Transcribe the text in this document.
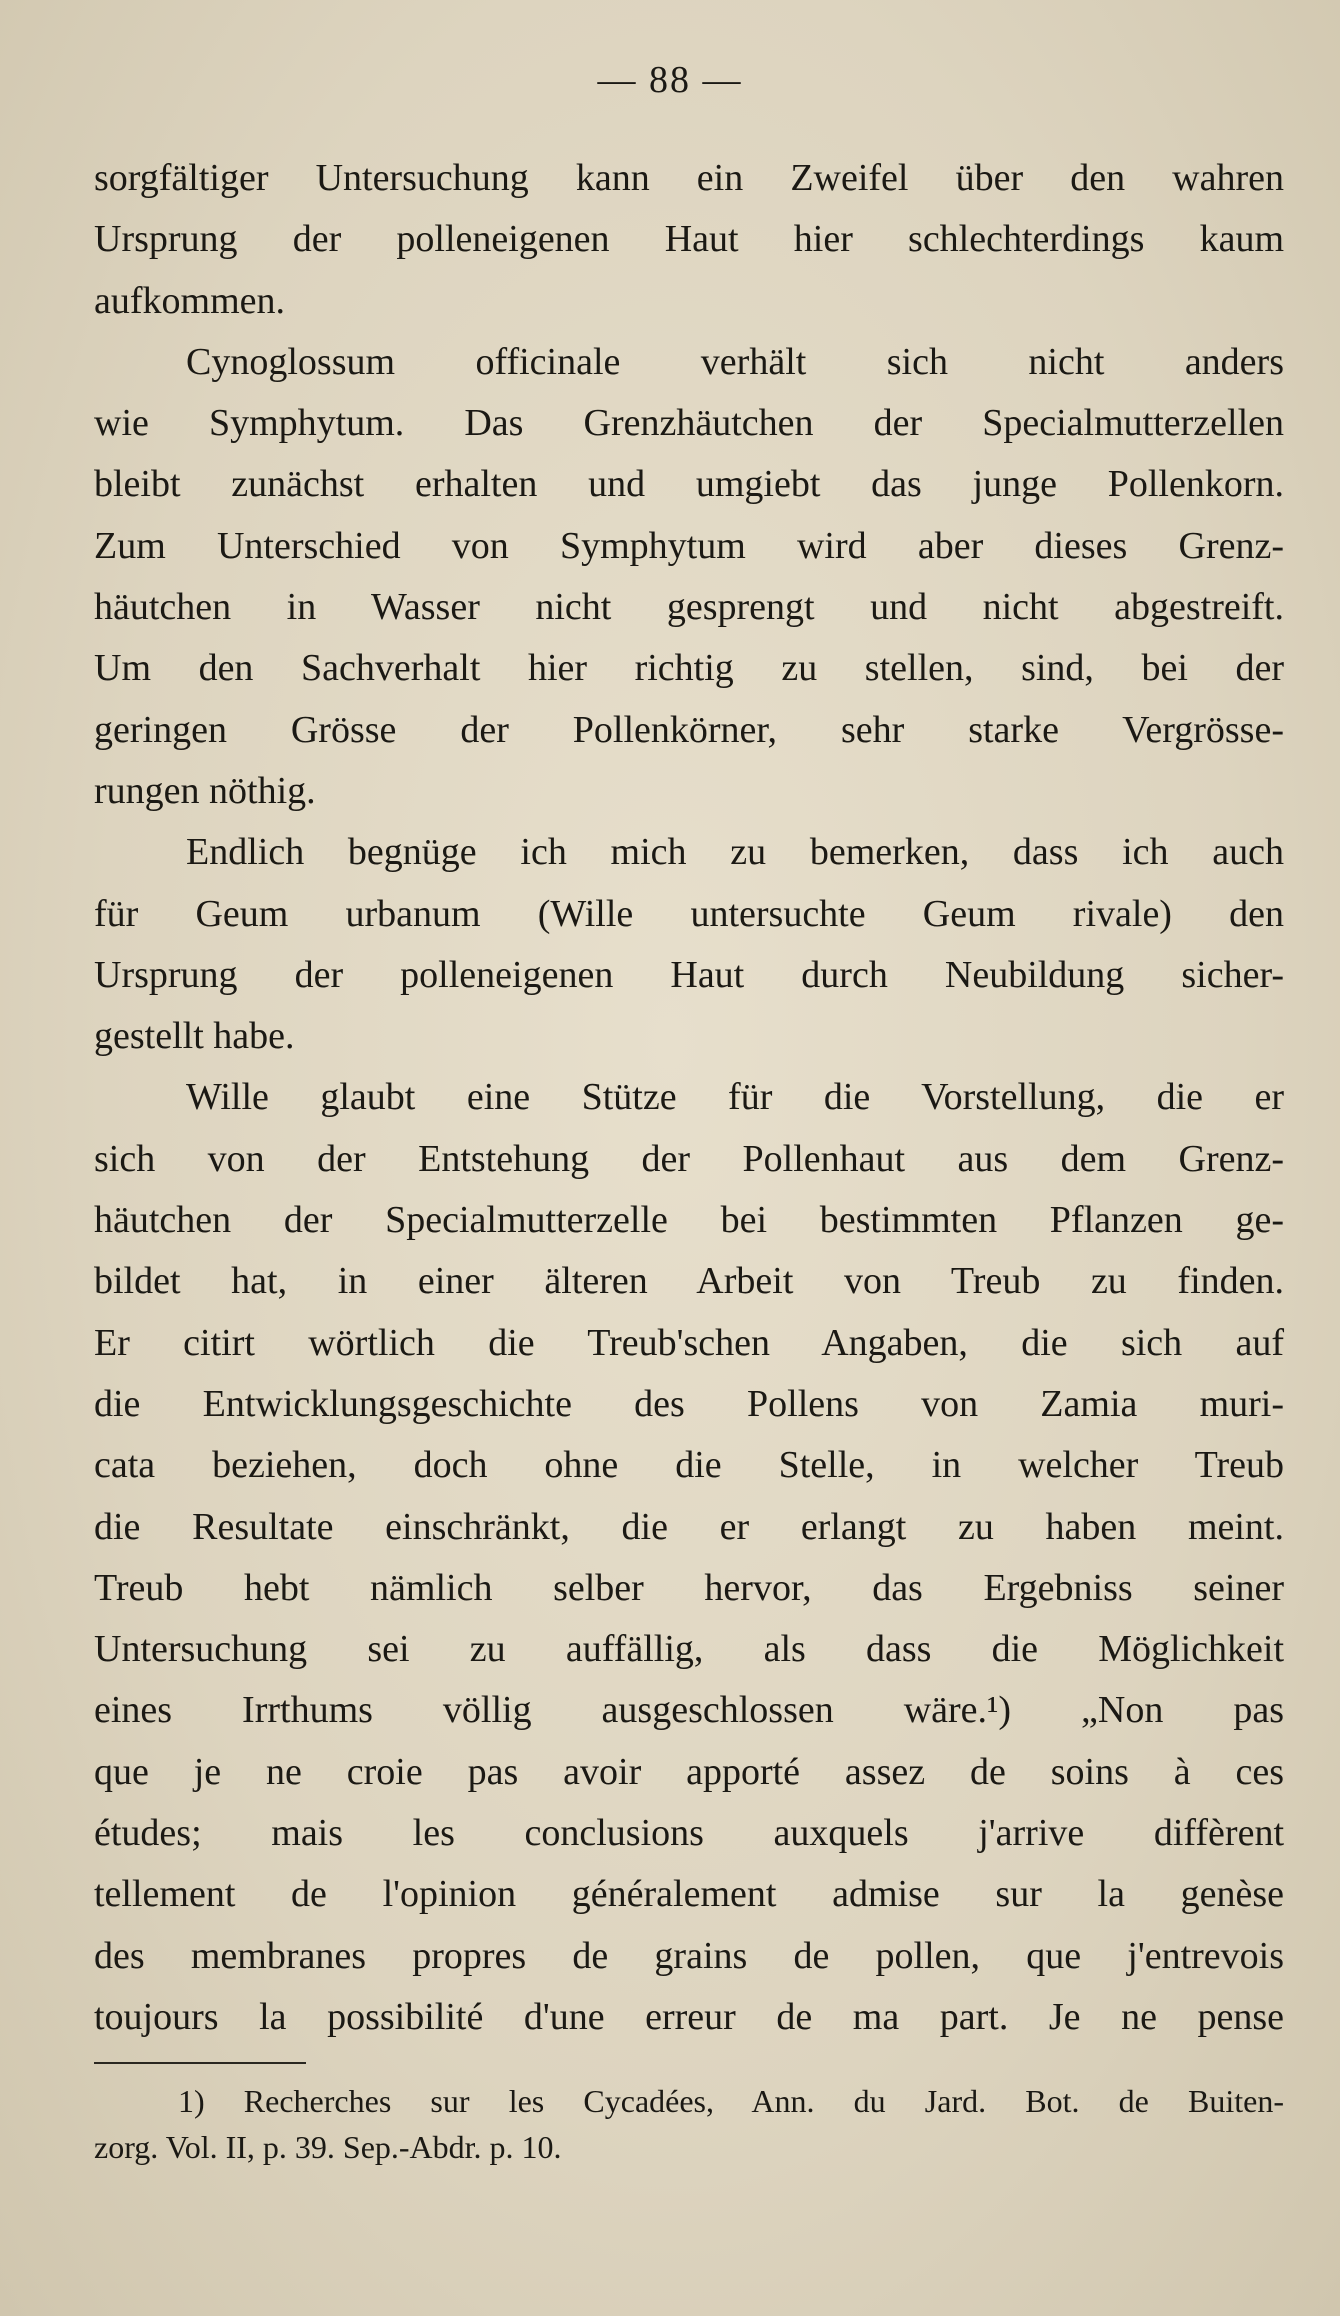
— 88 —
sorgfältiger Untersuchung kann ein Zweifel über den wahren
Ursprung der polleneigenen Haut hier schlechterdings kaum
aufkommen.
Cynoglossum officinale verhält sich nicht anders
wie Symphytum. Das Grenzhäutchen der Specialmutterzellen
bleibt zunächst erhalten und umgiebt das junge Pollenkorn.
Zum Unterschied von Symphytum wird aber dieses Grenz-
häutchen in Wasser nicht gesprengt und nicht abgestreift.
Um den Sachverhalt hier richtig zu stellen, sind, bei der
geringen Grösse der Pollenkörner, sehr starke Vergrösse-
rungen nöthig.
Endlich begnüge ich mich zu bemerken, dass ich auch
für Geum urbanum (Wille untersuchte Geum rivale) den
Ursprung der polleneigenen Haut durch Neubildung sicher-
gestellt habe.
Wille glaubt eine Stütze für die Vorstellung, die er
sich von der Entstehung der Pollenhaut aus dem Grenz-
häutchen der Specialmutterzelle bei bestimmten Pflanzen ge-
bildet hat, in einer älteren Arbeit von Treub zu finden.
Er citirt wörtlich die Treub'schen Angaben, die sich auf
die Entwicklungsgeschichte des Pollens von Zamia muri-
cata beziehen, doch ohne die Stelle, in welcher Treub
die Resultate einschränkt, die er erlangt zu haben meint.
Treub hebt nämlich selber hervor, das Ergebniss seiner
Untersuchung sei zu auffällig, als dass die Möglichkeit
eines Irrthums völlig ausgeschlossen wäre.¹) „Non pas
que je ne croie pas avoir apporté assez de soins à ces
études; mais les conclusions auxquels j'arrive diffèrent
tellement de l'opinion généralement admise sur la genèse
des membranes propres de grains de pollen, que j'entrevois
toujours la possibilité d'une erreur de ma part. Je ne pense
1) Recherches sur les Cycadées, Ann. du Jard. Bot. de Buiten-
zorg. Vol. II, p. 39. Sep.-Abdr. p. 10.
